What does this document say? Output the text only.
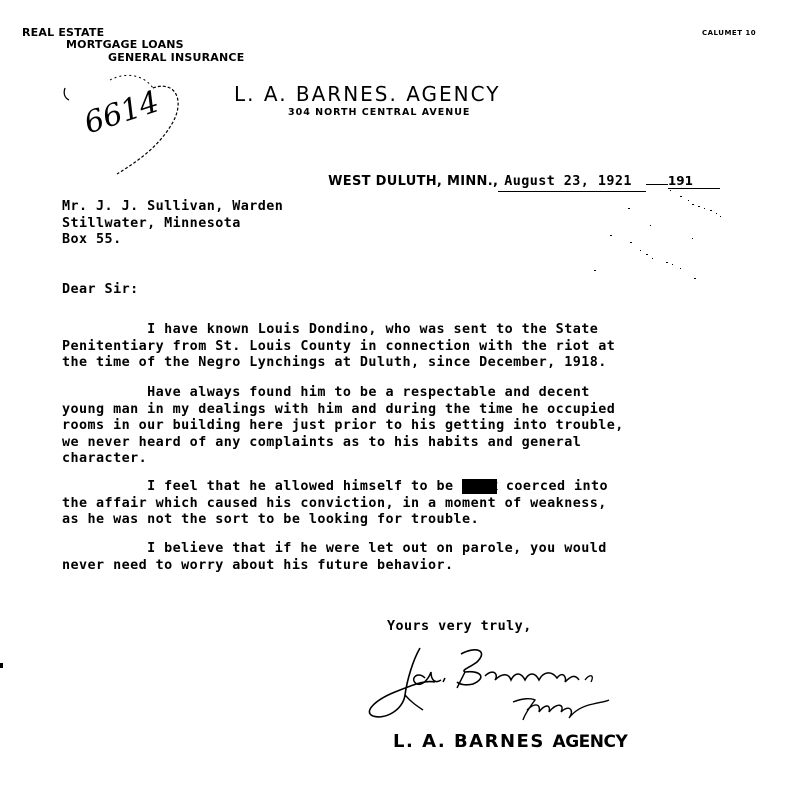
REAL ESTATE
MORTGAGE LOANS
GENERAL INSURANCE
CALUMET 10
L. A. BARNES. AGENCY
304 NORTH CENTRAL AVENUE
6614

WEST DULUTH, MINN., August 23, 1921	191

Mr. J. J. Sullivan, Warden
Stillwater, Minnesota
Box 55.
Dear Sir:
I have known Louis Dondino, who was sent to the State
Penitentiary from St. Louis County in connection with the riot at
the time of the Negro Lynchings at Duluth, since December, 1918.
Have always found him to be a respectable and decent
young man in my dealings with him and during the time he occupied
rooms in our building here just prior to his getting into trouble,
we never heard of any complaints as to his habits and general
character.
I feel that he allowed himself to be xxxxx coerced into
the affair which caused his conviction, in a moment of weakness,
as he was not the sort to be looking for trouble.
I believe that if he were let out on parole, you would
never need to worry about his future behavior.
Yours very truly,
L. A. BARNES AGENCY
